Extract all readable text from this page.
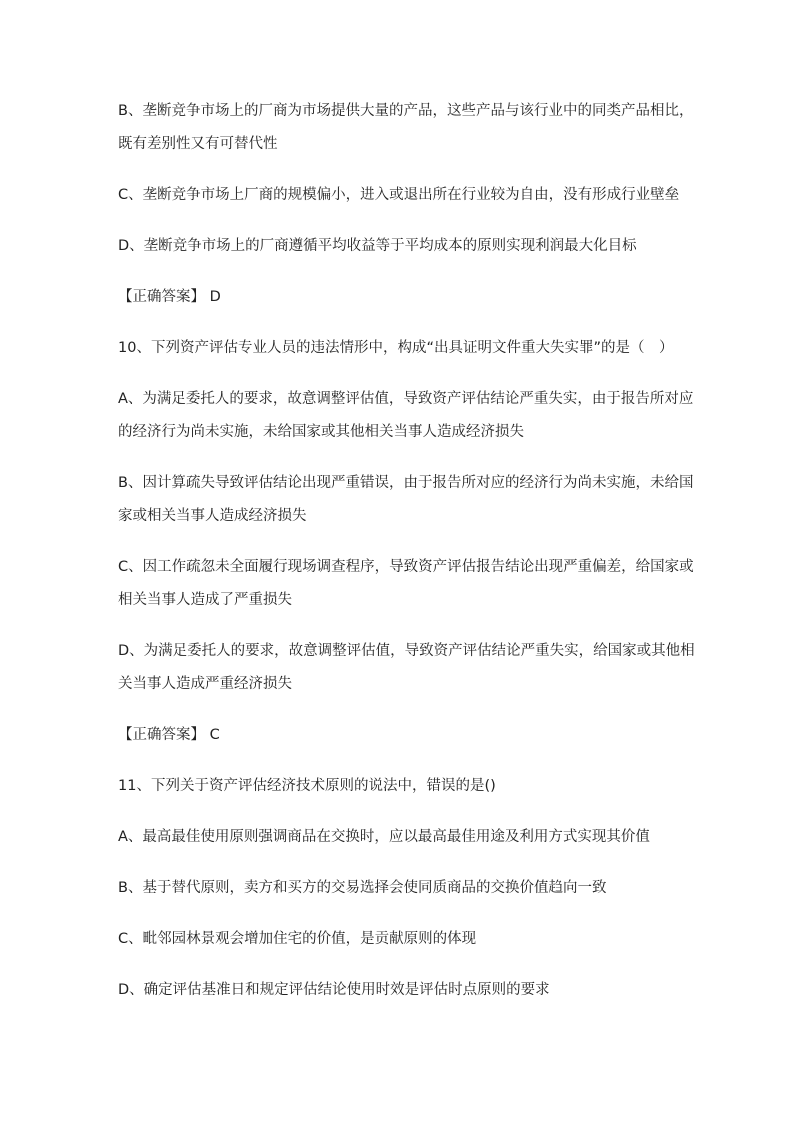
B、垄断竞争市场上的厂商为市场提供大量的产品，这些产品与该行业中的同类产品相比，
既有差别性又有可替代性
C、垄断竞争市场上厂商的规模偏小，进入或退出所在行业较为自由，没有形成行业壁垒
D、垄断竞争市场上的厂商遵循平均收益等于平均成本的原则实现利润最大化目标
【正确答案】 D
10、下列资产评估专业人员的违法情形中，构成“出具证明文件重大失实罪”的是（　）
A、为满足委托人的要求，故意调整评估值，导致资产评估结论严重失实，由于报告所对应
的经济行为尚未实施，未给国家或其他相关当事人造成经济损失
B、因计算疏失导致评估结论出现严重错误，由于报告所对应的经济行为尚未实施，未给国
家或相关当事人造成经济损失
C、因工作疏忽未全面履行现场调查程序，导致资产评估报告结论出现严重偏差，给国家或
相关当事人造成了严重损失
D、为满足委托人的要求，故意调整评估值，导致资产评估结论严重失实，给国家或其他相
关当事人造成严重经济损失
【正确答案】 C
11、下列关于资产评估经济技术原则的说法中，错误的是()
A、最高最佳使用原则强调商品在交换时，应以最高最佳用途及利用方式实现其价值
B、基于替代原则，卖方和买方的交易选择会使同质商品的交换价值趋向一致
C、毗邻园林景观会增加住宅的价值，是贡献原则的体现
D、确定评估基准日和规定评估结论使用时效是评估时点原则的要求
